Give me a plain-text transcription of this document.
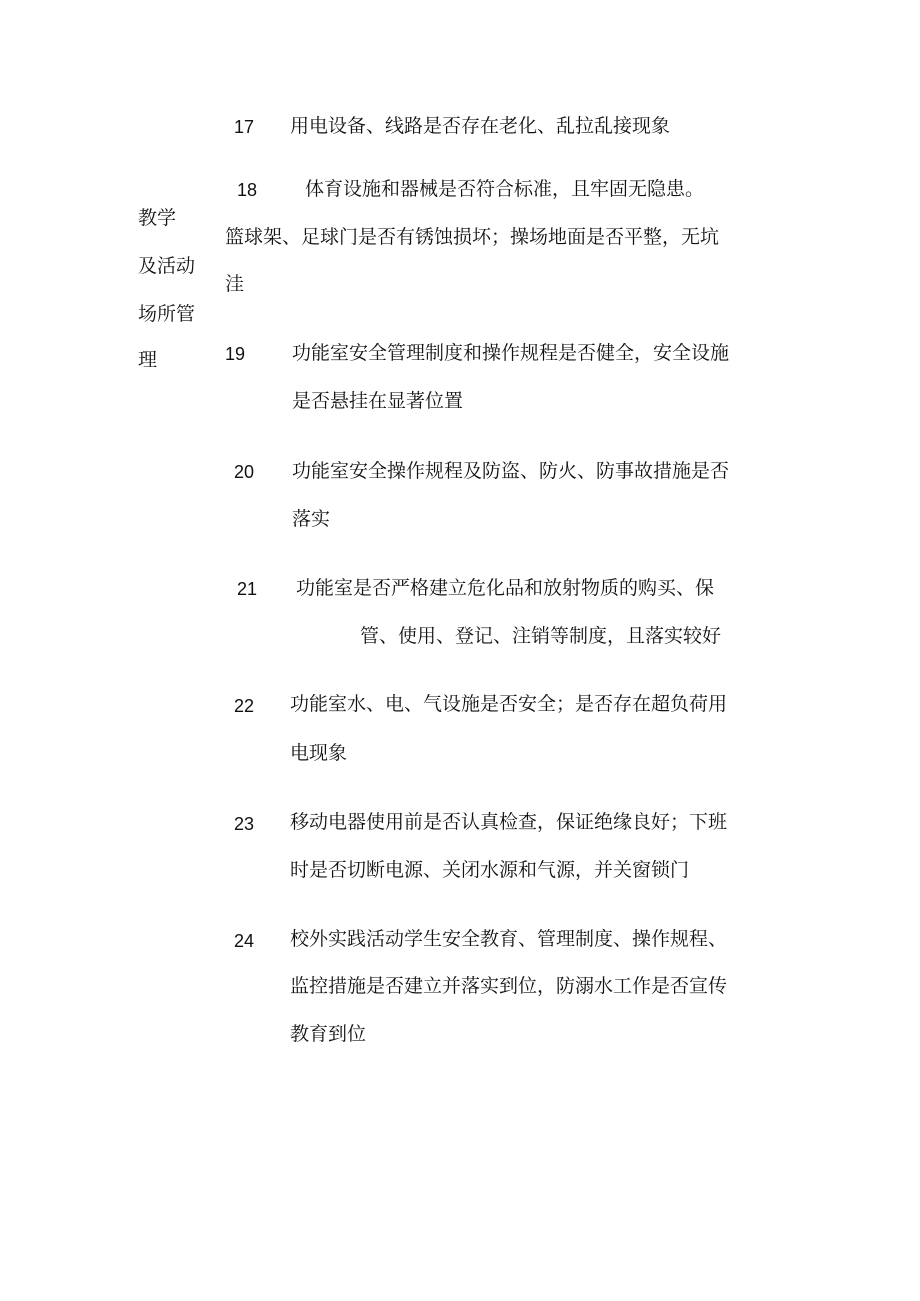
教学
及活动
场所管
理
17 用电设备、线路是否存在老化、乱拉乱接现象
18	体育设施和器械是否符合标准，且牢固无隐患。
篮球架、足球门是否有锈蚀损坏；操场地面是否平整，无坑
洼
19 功能室安全管理制度和操作规程是否健全，安全设施
是否悬挂在显著位置
20 功能室安全操作规程及防盗、防火、防事故措施是否
落实
21 功能室是否严格建立危化品和放射物质的购买、保
管、使用、登记、注销等制度，且落实较好
22 功能室水、电、气设施是否安全；是否存在超负荷用
电现象
23 移动电器使用前是否认真检查，保证绝缘良好；下班
时是否切断电源、关闭水源和气源，并关窗锁门
24 校外实践活动学生安全教育、管理制度、操作规程、
监控措施是否建立并落实到位，防溺水工作是否宣传
教育到位
